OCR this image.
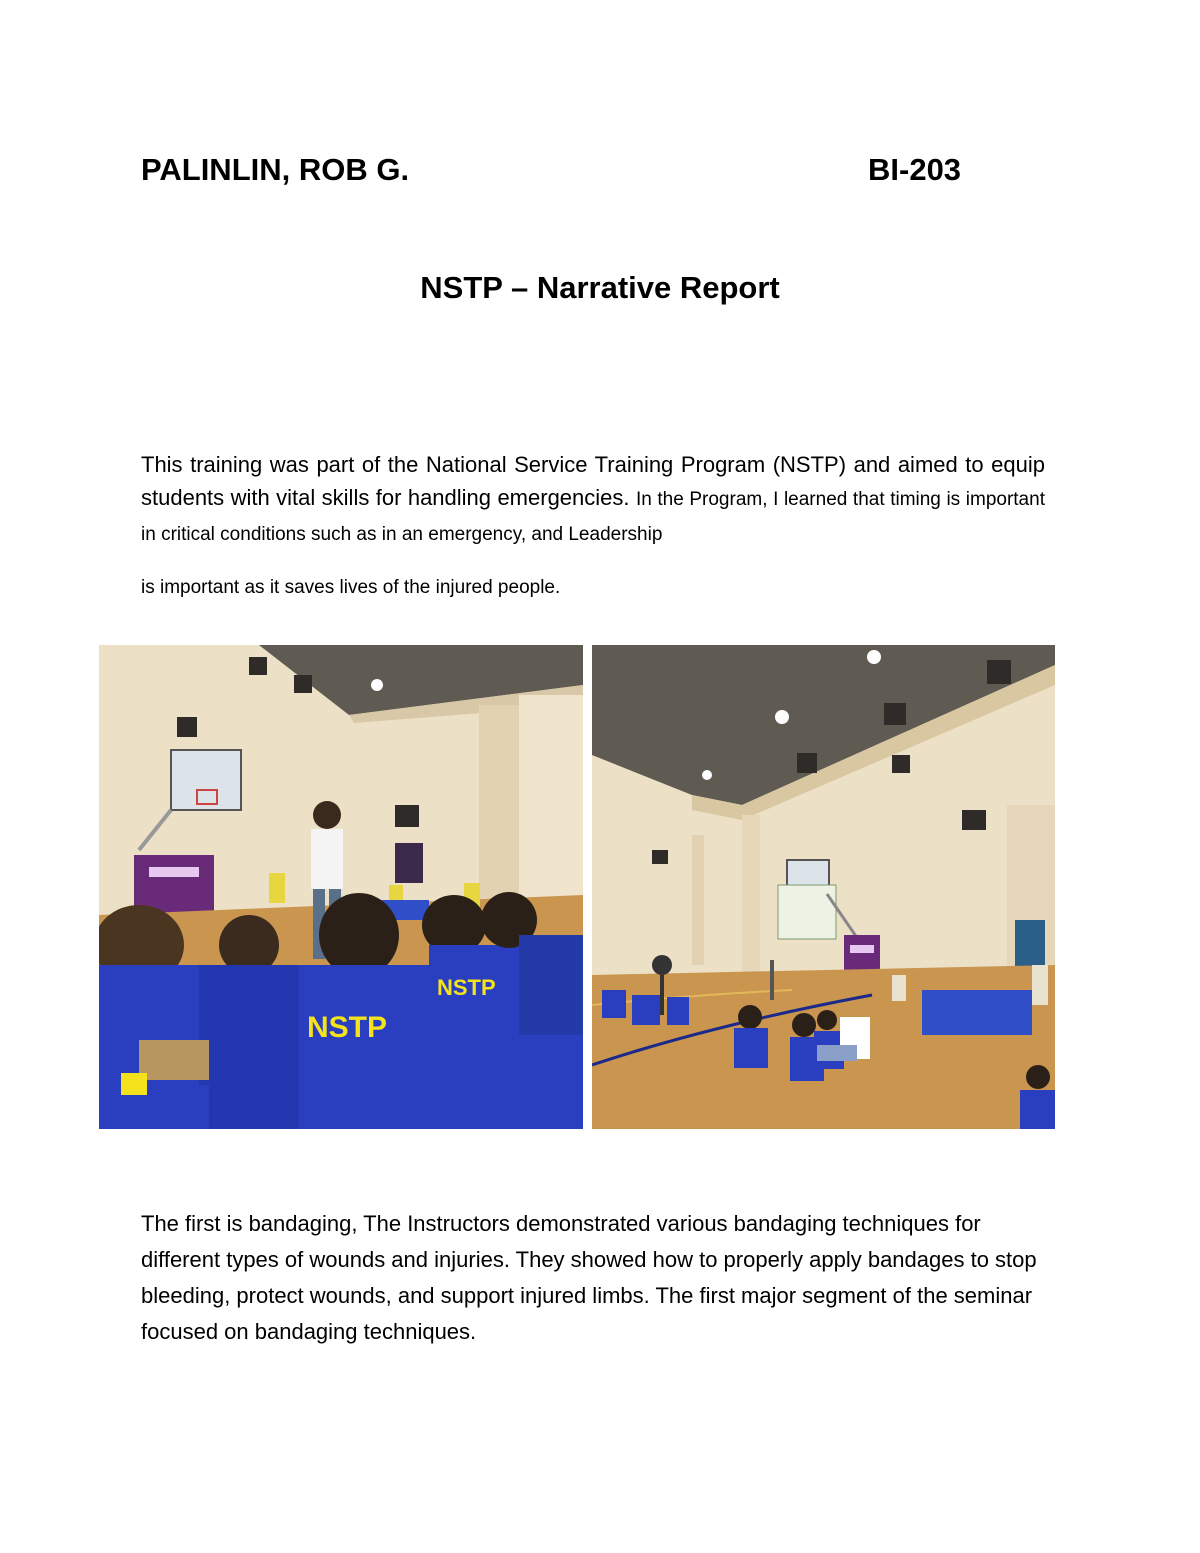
PALINLIN, ROB G.	BI-203
NSTP – Narrative Report
This training was part of the National Service Training Program (NSTP) and aimed to equip students with vital skills for handling emergencies. In the Program, I learned that timing is important in critical conditions such as in an emergency, and Leadership
is important as it saves lives of the injured people.
NSTP
NSTP
The first is bandaging, The Instructors demonstrated various bandaging techniques for different types of wounds and injuries. They showed how to properly apply bandages to stop bleeding, protect wounds, and support injured limbs. The first major segment of the seminar focused on bandaging techniques.
